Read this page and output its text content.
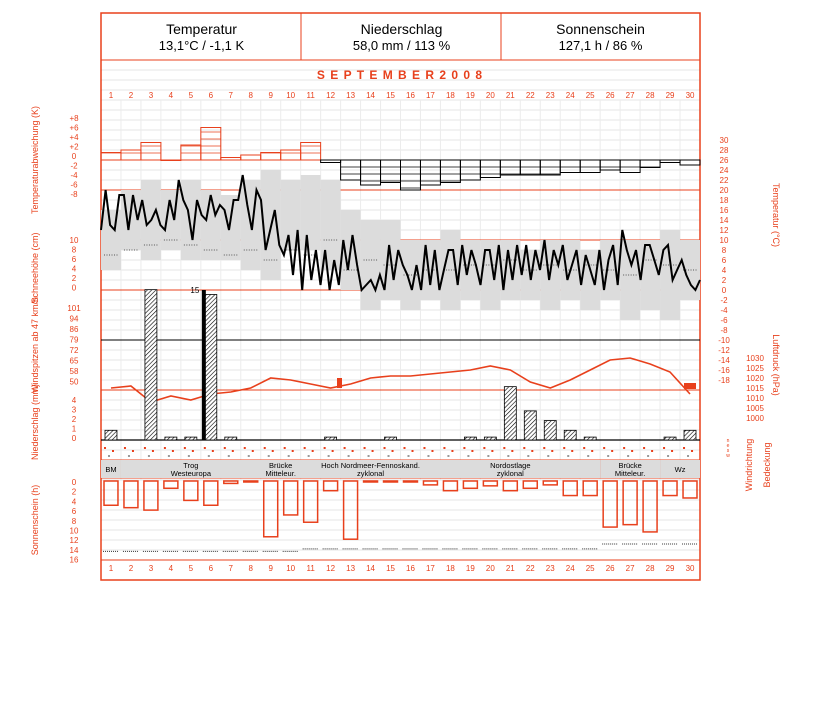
Temperatur
13,1°C / -1,1 K
Niederschlag
58,0 mm / 113 %
Sonnenschein
127,1 h / 86 %
S E P T E M B E R 2 0 0 8
1
1
2
2
3
3
4
4
5
5
6
6
7
7
8
8
9
9
10
10
11
11
12
12
13
13
14
14
15
15
16
16
17
17
18
18
19
19
20
20
21
21
22
22
23
23
24
24
25
25
26
26
27
27
28
28
29
29
30
30
Temperaturabweichung (K)
Schneehöhe (cm)
Windspitzen ab 47 km/h
Niederschlag (mm)
Sonnenschein (h)
Temperatur (°C)
Luftdruck (hPa)
Windrichtung Bedeckung
+8
+6
+4
+2
0
-2
-4
-6
-8
30
28
26
24
22
20
18
16
14
12
10
8
6
4
2
0
-2
-4
-6
-8
-10
-12
-14
-16
-18
10
8
6
4
2
0
101
94
86
79
72
65
58
50
4
3
2
1
0
1030
1025
1020
1015
1010
1005
1000
15
n
e
s
w
BM	Trog
Westeuropa
Brücke
Mitteleur.
Hoch Nordmeer-Fennoskand.
zyklonal
Nordostlage
zyklonal
Brücke
Mitteleur.	Wz
0
2
4
6
8
10
12
14
16
